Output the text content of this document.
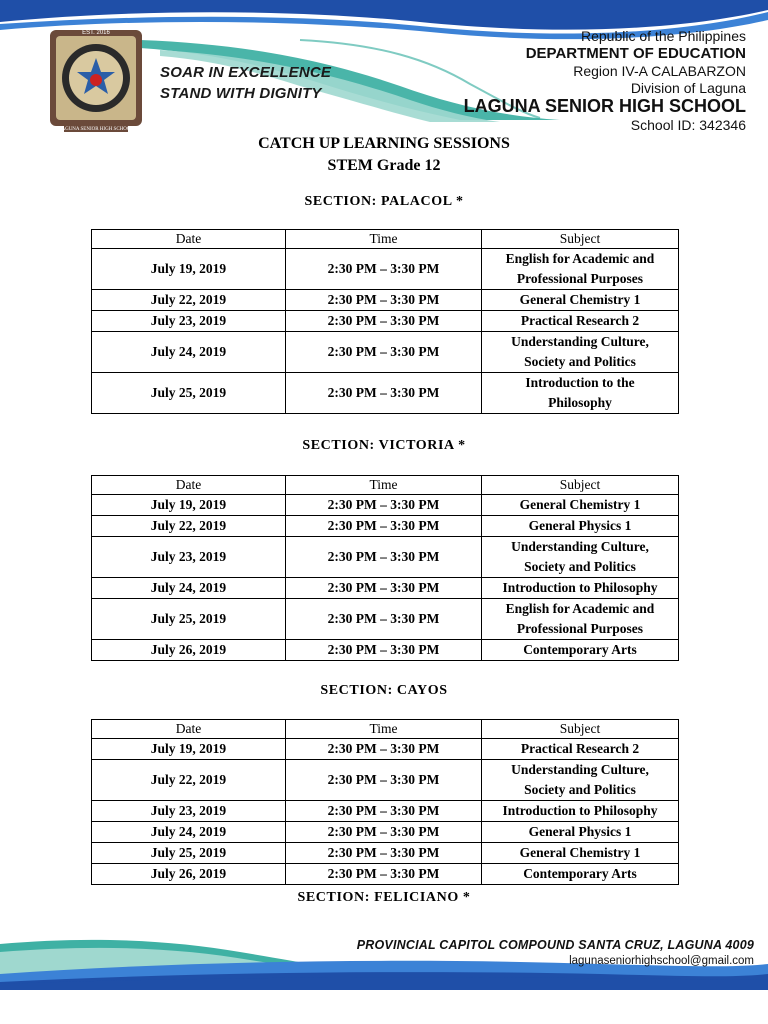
EST. 2016
LAGUNA SENIOR HIGH SCHOOL
SOAR IN EXCELLENCE
STAND WITH DIGNITY
Republic of the Philippines
DEPARTMENT OF EDUCATION
Region IV-A CALABARZON
Division of Laguna
LAGUNA SENIOR HIGH SCHOOL
School ID: 342346
CATCH UP LEARNING SESSIONS
STEM Grade 12
SECTION: PALACOL *
Date	Time	Subject
July 19, 2019	2:30 PM – 3:30 PM	English for Academic and
Professional Purposes

July 22, 2019	2:30 PM – 3:30 PM	General Chemistry 1

July 23, 2019	2:30 PM – 3:30 PM	Practical Research 2

July 24, 2019	2:30 PM – 3:30 PM	Understanding Culture,
Society and Politics

July 25, 2019	2:30 PM – 3:30 PM	Introduction to the
Philosophy
SECTION: VICTORIA *
Date	Time	Subject
July 19, 2019	2:30 PM – 3:30 PM	General Chemistry 1

July 22, 2019	2:30 PM – 3:30 PM	General Physics 1

July 23, 2019	2:30 PM – 3:30 PM	Understanding Culture,
Society and Politics

July 24, 2019	2:30 PM – 3:30 PM	Introduction to Philosophy

July 25, 2019	2:30 PM – 3:30 PM	English for Academic and
Professional Purposes

July 26, 2019	2:30 PM – 3:30 PM	Contemporary Arts
SECTION: CAYOS
Date	Time	Subject
July 19, 2019	2:30 PM – 3:30 PM	Practical Research 2

July 22, 2019	2:30 PM – 3:30 PM	Understanding Culture,
Society and Politics

July 23, 2019	2:30 PM – 3:30 PM	Introduction to Philosophy

July 24, 2019	2:30 PM – 3:30 PM	General Physics 1

July 25, 2019	2:30 PM – 3:30 PM	General Chemistry 1

July 26, 2019	2:30 PM – 3:30 PM	Contemporary Arts
SECTION: FELICIANO *
PROVINCIAL CAPITOL COMPOUND SANTA CRUZ, LAGUNA 4009
lagunaseniorhighschool@gmail.com
